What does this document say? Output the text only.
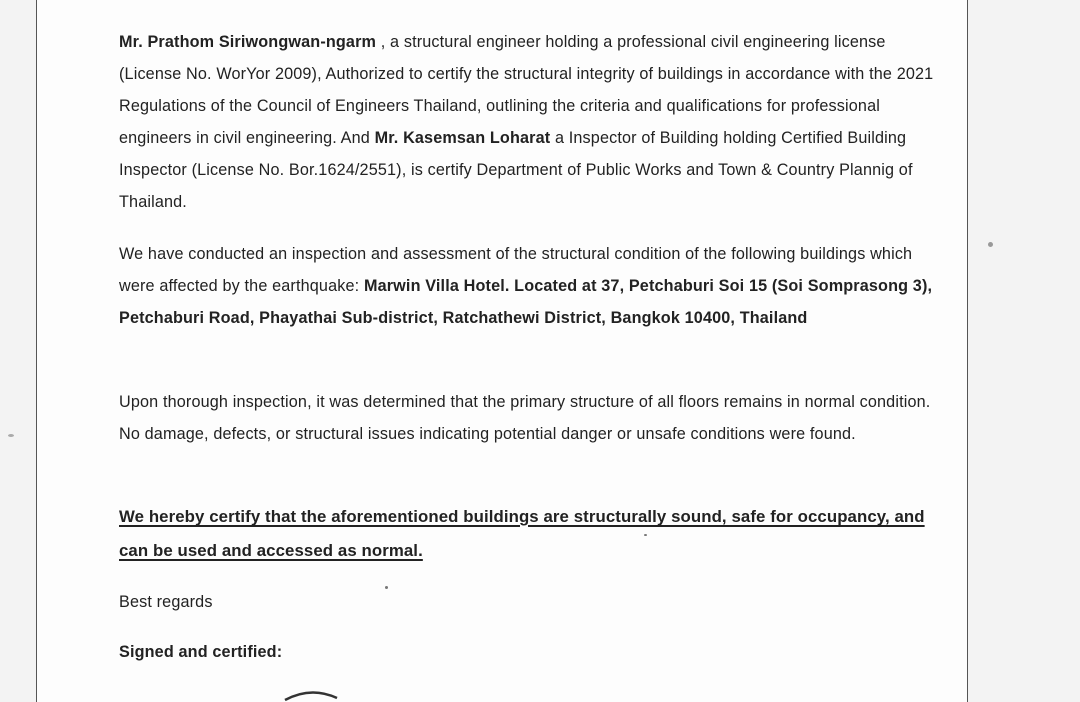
Mr. Prathom Siriwongwan-ngarm , a structural engineer holding a professional civil engineering license (License No. WorYor 2009), Authorized to certify the structural integrity of buildings in accordance with the 2021 Regulations of the Council of Engineers Thailand, outlining the criteria and qualifications for professional engineers in civil engineering. And Mr. Kasemsan Loharat a Inspector of Building holding Certified Building Inspector (License No. Bor.1624/2551), is certify Department of Public Works and Town & Country Plannig of Thailand.
We have conducted an inspection and assessment of the structural condition of the following buildings which were affected by the earthquake: Marwin Villa Hotel. Located at 37, Petchaburi Soi 15 (Soi Somprasong 3), Petchaburi Road, Phayathai Sub-district, Ratchathewi District, Bangkok 10400, Thailand
Upon thorough inspection, it was determined that the primary structure of all floors remains in normal condition. No damage, defects, or structural issues indicating potential danger or unsafe conditions were found.
We hereby certify that the aforementioned buildings are structurally sound, safe for occupancy, and can be used and accessed as normal.
Best regards
Signed and certified:
